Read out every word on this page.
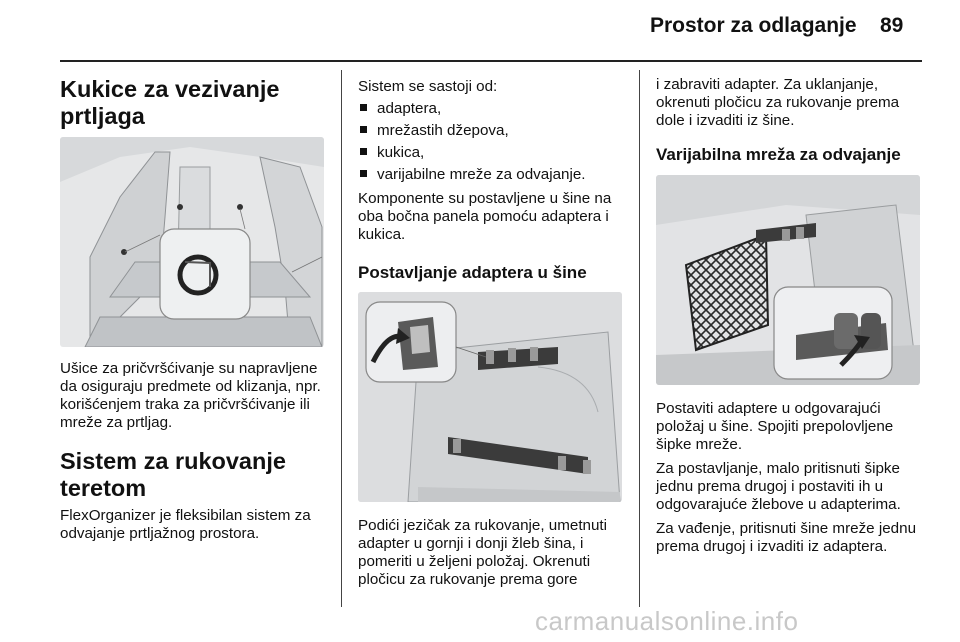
Prostor za odlaganje 89
Kukice za vezivanje prtljaga

Ušice za pričvršćivanje su napravljene da osiguraju predmete od klizanja, npr. korišćenjem traka za pričvršćivanje ili mreže za prtljag.

Sistem za rukovanje teretom

FlexOrganizer je fleksibilan sistem za odvajanje prtljažnog prostora.

Sistem se sastoji od:

adaptera,
mrežastih džepova,
kukica,
varijabilne mreže za odvajanje.

Komponente su postavljene u šine na oba bočna panela pomoću adaptera i kukica.

Postavljanje adaptera u šine

Podići jezičak za rukovanje, umetnuti adapter u gornji i donji žleb šina, i pomeriti u željeni položaj. Okrenuti pločicu za rukovanje prema gore

i zabraviti adapter. Za uklanjanje, okrenuti pločicu za rukovanje prema dole i izvaditi iz šine.

Varijabilna mreža za odvajanje

Postaviti adaptere u odgovarajući položaj u šine. Spojiti prepolovljene šipke mreže.

Za postavljanje, malo pritisnuti šipke jednu prema drugoj i postaviti ih u odgovarajuće žlebove u adapterima.

Za vađenje, pritisnuti šine mreže jednu prema drugoj i izvaditi iz adaptera.

carmanualsonline.info
